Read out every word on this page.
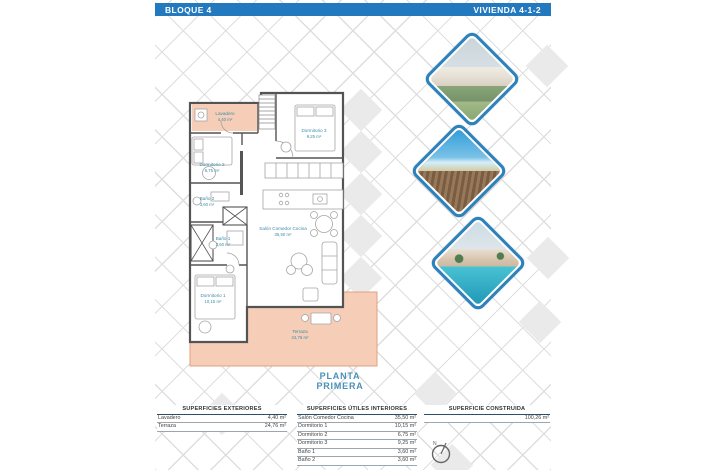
BLOQUE 4	VIVIENDA 4-1-2
Lavadero
4,40 m²
Dormitorio 3
9,25 m²
Dormitorio 2
6,75 m²
Baño 2
3,60 m²
Baño 1
3,60 m²
Dormitorio 1
10,15 m²
Salón Comedor Cocina
35,50 m²
Terraza
24,76 m²
PLANTA PRIMERA
SUPERFICIES EXTERIORES
Lavadero	4,40 m²
Terraza	24,76 m²
SUPERFICIES ÚTILES INTERIORES
Salón Comedor Cocina	35,50 m²
Dormitorio 1	10,15 m²
Dormitorio 2	6,75 m²
Dormitorio 3	9,25 m²
Baño 1	3,60 m²
Baño 2	3,60 m²
SUPERFICIE CONSTRUIDA
100,26 m²
N
